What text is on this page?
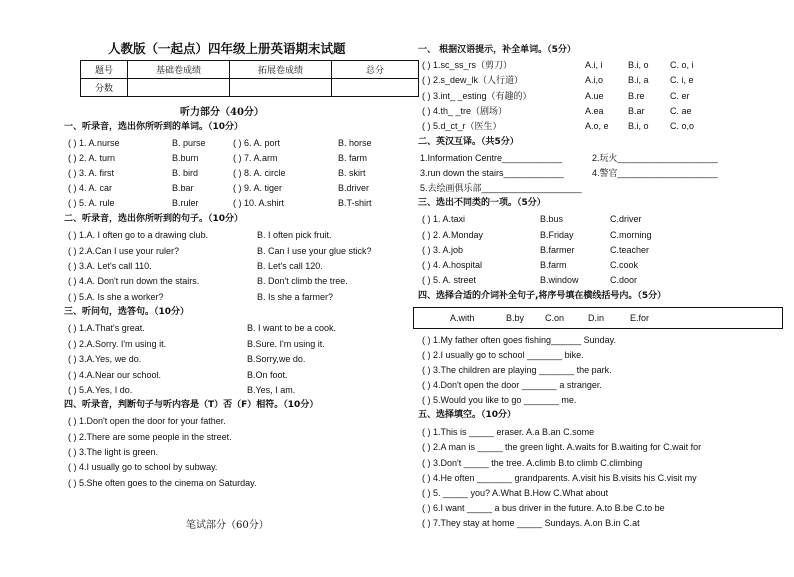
人教版（一起点）四年级上册英语期末试题
题号	基础卷成绩	拓展卷成绩	总分
分数			
听力部分（40分）
一、听录音，选出你所听到的单词。（10分）
( ) 1. A.nurse	B. purse	( ) 6. A. port	B. horse
( ) 2. A. turn	B.burn	( ) 7. A.arm	B. farm
( ) 3. A. first	B. bird	( ) 8. A. circle	B. skirt
( ) 4. A. car	B.bar	( ) 9. A. tiger	B.driver
( ) 5. A. rule	B.ruler	( ) 10. A.shirt	B.T-shirt
二、听录音，选出你所听到的句子。（10分）
( ) 1.A. I often go to a drawing club.	B. I often pick fruit.
( ) 2.A.Can I use your ruler?	B. Can I use your glue stick?
( ) 3.A. Let's call 110.	B. Let's call 120.
( ) 4.A. Don't run down the stairs.	B. Don't climb the tree.
( ) 5.A. Is she a worker?	B. Is she a farmer?
三、听问句，选答句。（10分）
( ) 1.A.That's great.	B. I want to be a cook.
( ) 2.A.Sorry. I'm using it.	B.Sure. I'm using it.
( ) 3.A.Yes, we do.	B.Sorry,we do.
( ) 4.A.Near our school.	B.On foot.
( ) 5.A.Yes, I do.	B.Yes, I am.
四、听录音，判断句子与听内容是（T）否（F）相符。（10分）
( ) 1.Don't open the door for your father.
( ) 2.There are some people in the street.
( ) 3.The light is green.
( ) 4.I usually go to school by subway.
( ) 5.She often goes to the cinema on Saturday.
笔试部分（60分）
一、 根据汉语提示，补全单词。（5分）
( ) 1.sc_ss_rs（剪刀）	A.i, i	B.i, o C. o, i
( ) 2.s_dew_lk（人行道）	A.i,o	B.i, a C. i, e
( ) 3.int_ _esting（有趣的）	A.ue	B.re	C. er
( ) 4.th_ _tre（剧场）	A.ea	B.ar	C. ae
( ) 5.d_ct_r（医生）	A.o, e B.i, o C. o,o
二、英汉互译。（共5分）
1.Information Centre____________	2.玩火____________________
3.run down the stairs____________	4.警官____________________
5.去绘画俱乐部____________________
三、选出不同类的一项。（5分）
( ) 1. A.taxi	B.bus	C.driver
( ) 2. A.Monday	B.Friday	C.morning
( ) 3. A.job	B.farmer	C.teacher
( ) 4. A.hospital	B.farm	C.cook
( ) 5. A. street	B.window	C.door
四、选择合适的介词补全句子,将序号填在横线括号内。（5分）
A.with	B.by C.on	D.in	E.for
( ) 1.My father often goes fishing______ Sunday.
( ) 2.I usually go to school _______ bike.
( ) 3.The children are playing _______ the park.
( ) 4.Don't open the door _______ a stranger.
( ) 5.Would you like to go _______ me.
五、选择填空。（10分）
( ) 1.This is _____ eraser. A.a B.an C.some
( ) 2.A man is _____ the green light. A.waits for B.waiting for C.wait for
( ) 3.Don't _____ the tree. A.climb B.to climb C.climbing
( ) 4.He often _______ grandparents. A.visit his B.visits his C.visit my
( ) 5. _____ you? A.What B.How C.What about
( ) 6.I want _____ a bus driver in the future. A.to B.be C.to be
( ) 7.They stay at home _____ Sundays. A.on B.in C.at
